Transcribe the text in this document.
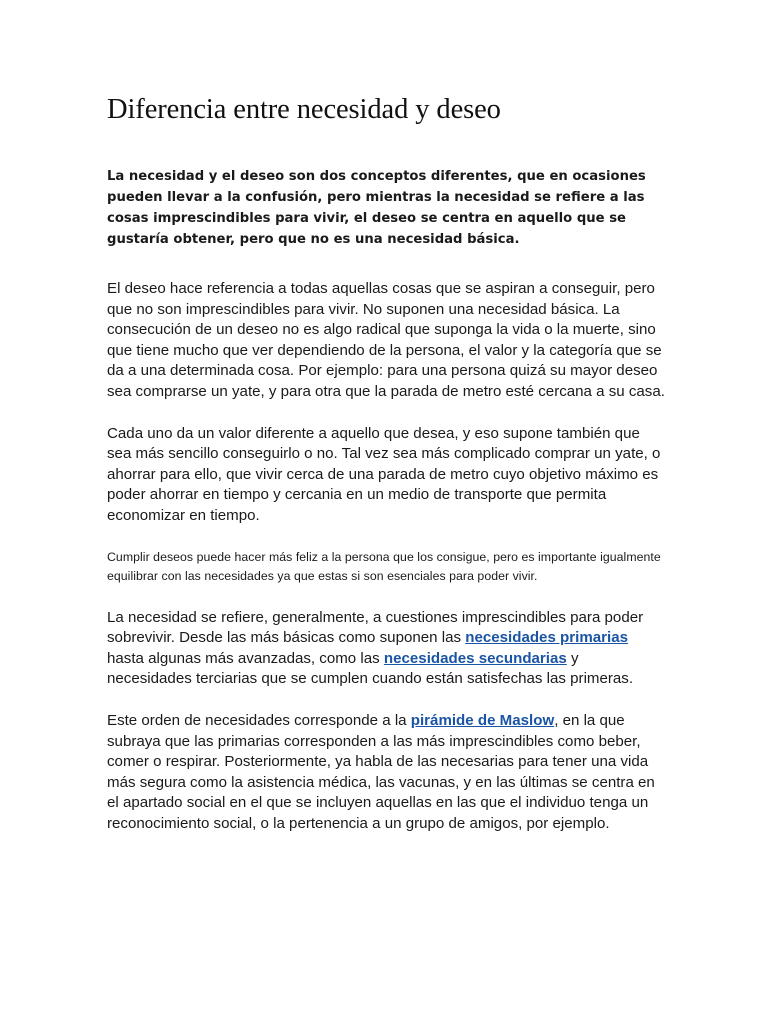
Diferencia entre necesidad y deseo

La necesidad y el deseo son dos conceptos diferentes, que en ocasiones pueden llevar a la confusión, pero mientras la necesidad se refiere a las cosas imprescindibles para vivir, el deseo se centra en aquello que se gustaría obtener, pero que no es una necesidad básica.

El deseo hace referencia a todas aquellas cosas que se aspiran a conseguir, pero que no son imprescindibles para vivir. No suponen una necesidad básica. La consecución de un deseo no es algo radical que suponga la vida o la muerte, sino que tiene mucho que ver dependiendo de la persona, el valor y la categoría que se da a una determinada cosa. Por ejemplo: para una persona quizá su mayor deseo sea comprarse un yate, y para otra que la parada de metro esté cercana a su casa.

Cada uno da un valor diferente a aquello que desea, y eso supone también que sea más sencillo conseguirlo o no. Tal vez sea más complicado comprar un yate, o ahorrar para ello, que vivir cerca de una parada de metro cuyo objetivo máximo es poder ahorrar en tiempo y cercania en un medio de transporte que permita economizar en tiempo.

Cumplir deseos puede hacer más feliz a la persona que los consigue, pero es importante igualmente equilibrar con las necesidades ya que estas si son esenciales para poder vivir.

La necesidad se refiere, generalmente, a cuestiones imprescindibles para poder sobrevivir. Desde las más básicas como suponen las necesidades primarias hasta algunas más avanzadas, como las necesidades secundarias y necesidades terciarias que se cumplen cuando están satisfechas las primeras.

Este orden de necesidades corresponde a la pirámide de Maslow, en la que subraya que las primarias corresponden a las más imprescindibles como beber, comer o respirar. Posteriormente, ya habla de las necesarias para tener una vida más segura como la asistencia médica, las vacunas, y en las últimas se centra en el apartado social en el que se incluyen aquellas en las que el individuo tenga un reconocimiento social, o la pertenencia a un grupo de amigos, por ejemplo.
